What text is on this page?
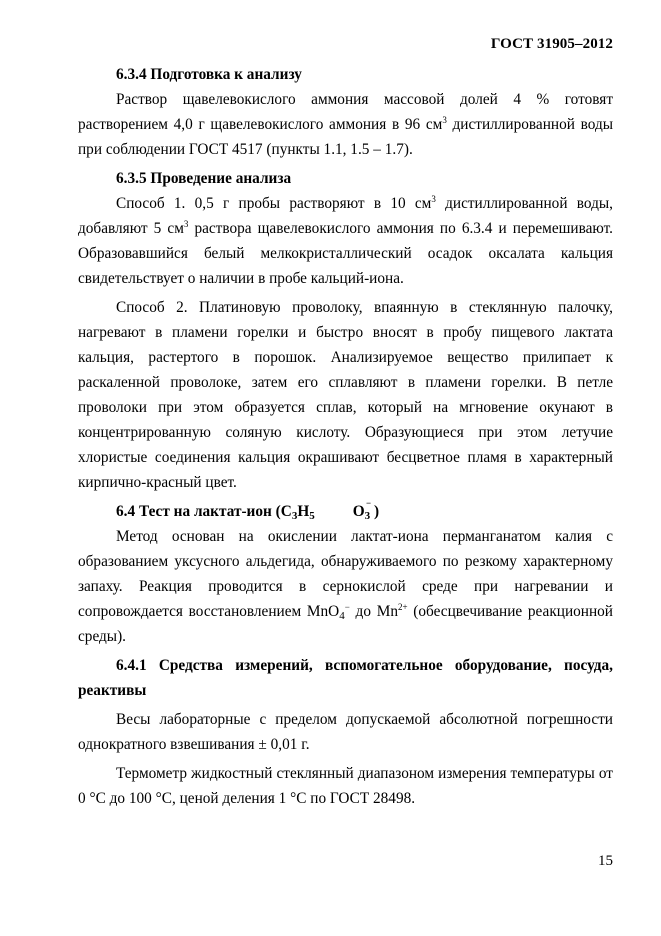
ГОСТ 31905–2012

6.3.4 Подготовка к анализу

Раствор щавелевокислого аммония массовой долей 4 % готовят растворением 4,0 г щавелевокислого аммония в 96 $см^3$ дистиллированной воды при соблюдении ГОСТ 4517 (пункты 1.1, 1.5 – 1.7).

6.3.5 Проведение анализа

Способ 1. 0,5 г пробы растворяют в 10 $см^3$ дистиллированной воды, добавляют 5 $см^3$ раствора щавелевокислого аммония по 6.3.4 и перемешивают. Образовавшийся белый мелкокристаллический осадок оксалата кальция свидетельствует о наличии в пробе кальций-иона.

Способ 2. Платиновую проволоку, впаянную в стеклянную палочку, нагревают в пламени горелки и быстро вносят в пробу пищевого лактата кальция, растертого в порошок. Анализируемое вещество прилипает к раскаленной проволоке, затем его сплавляют в пламени горелки. В петле проволоки при этом образуется сплав, который на мгновение окунают в концентрированную соляную кислоту. Образующиеся при этом летучие хлористые соединения кальция окрашивают бесцветное пламя в характерный кирпично-красный цвет.

6.4 Тест на лактат-ион ($C_3H_5$ $O_3$
− )

Метод основан на окислении лактат-иона перманганатом калия с образованием уксусного альдегида, обнаруживаемого по резкому характерному запаху. Реакция проводится в сернокислой среде при нагревании и сопровождается восстановлением MnO$_4$− до $Mn^{2+}$ (обесцвечивание реакционной среды).

6.4.1 Средства измерений, вспомогательное оборудование, посуда, реактивы

Весы лабораторные с пределом допускаемой абсолютной погрешности однократного взвешивания ± 0,01 г.

Термометр жидкостный стеклянный диапазоном измерения температуры от 0 °С до 100 °С, ценой деления 1 °С по ГОСТ 28498.

15
